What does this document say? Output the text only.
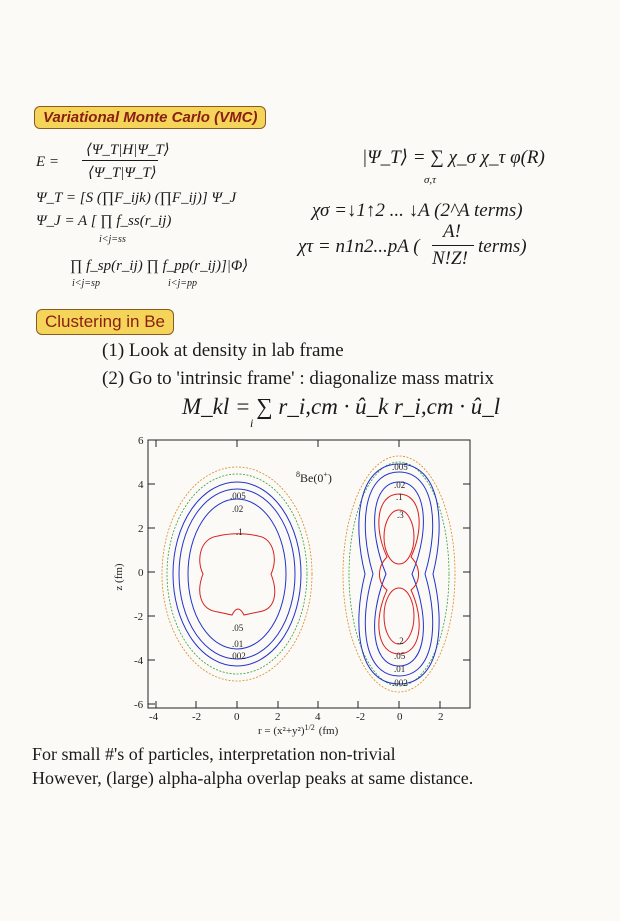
Variational Monte Carlo (VMC)
E =
⟨Ψ_T|H|Ψ_T⟩
⟨Ψ_T|Ψ_T⟩
Ψ_T = [S (∏F_ijk) (∏F_ij)] Ψ_J
Ψ_J = A [ ∏ f_ss(r_ij)
i<j=ss
∏ f_sp(r_ij) ∏ f_pp(r_ij)]|Φ⟩
i<j=sp	i<j=pp
|Ψ_T⟩ = ∑ χ_σ χ_τ φ(R)
σ,τ
χσ =↓1↑2 ... ↓A (2^A terms)
χτ = n1n2...pA (
A!
N!Z!
terms)
Clustering in Be
(1) Look at density in lab frame
(2) Go to 'intrinsic frame' : diagonalize mass matrix
M_kl = ∑ r_i,cm · û_k r_i,cm · û_l
i
6
4
2
0
-2
-4
-6
-4	-2	0	2	4	-2	0	2
z (fm)
$r = (x^2+y^2)^{1/2}$ (fm)
.005
.02
.1
.05
.01
.002
.005
.02
.1
.3
.2
.05
.01
.002
$^8$Be(0+)
For small #'s of particles, interpretation non-trivial
However, (large) alpha-alpha overlap peaks at same distance.
